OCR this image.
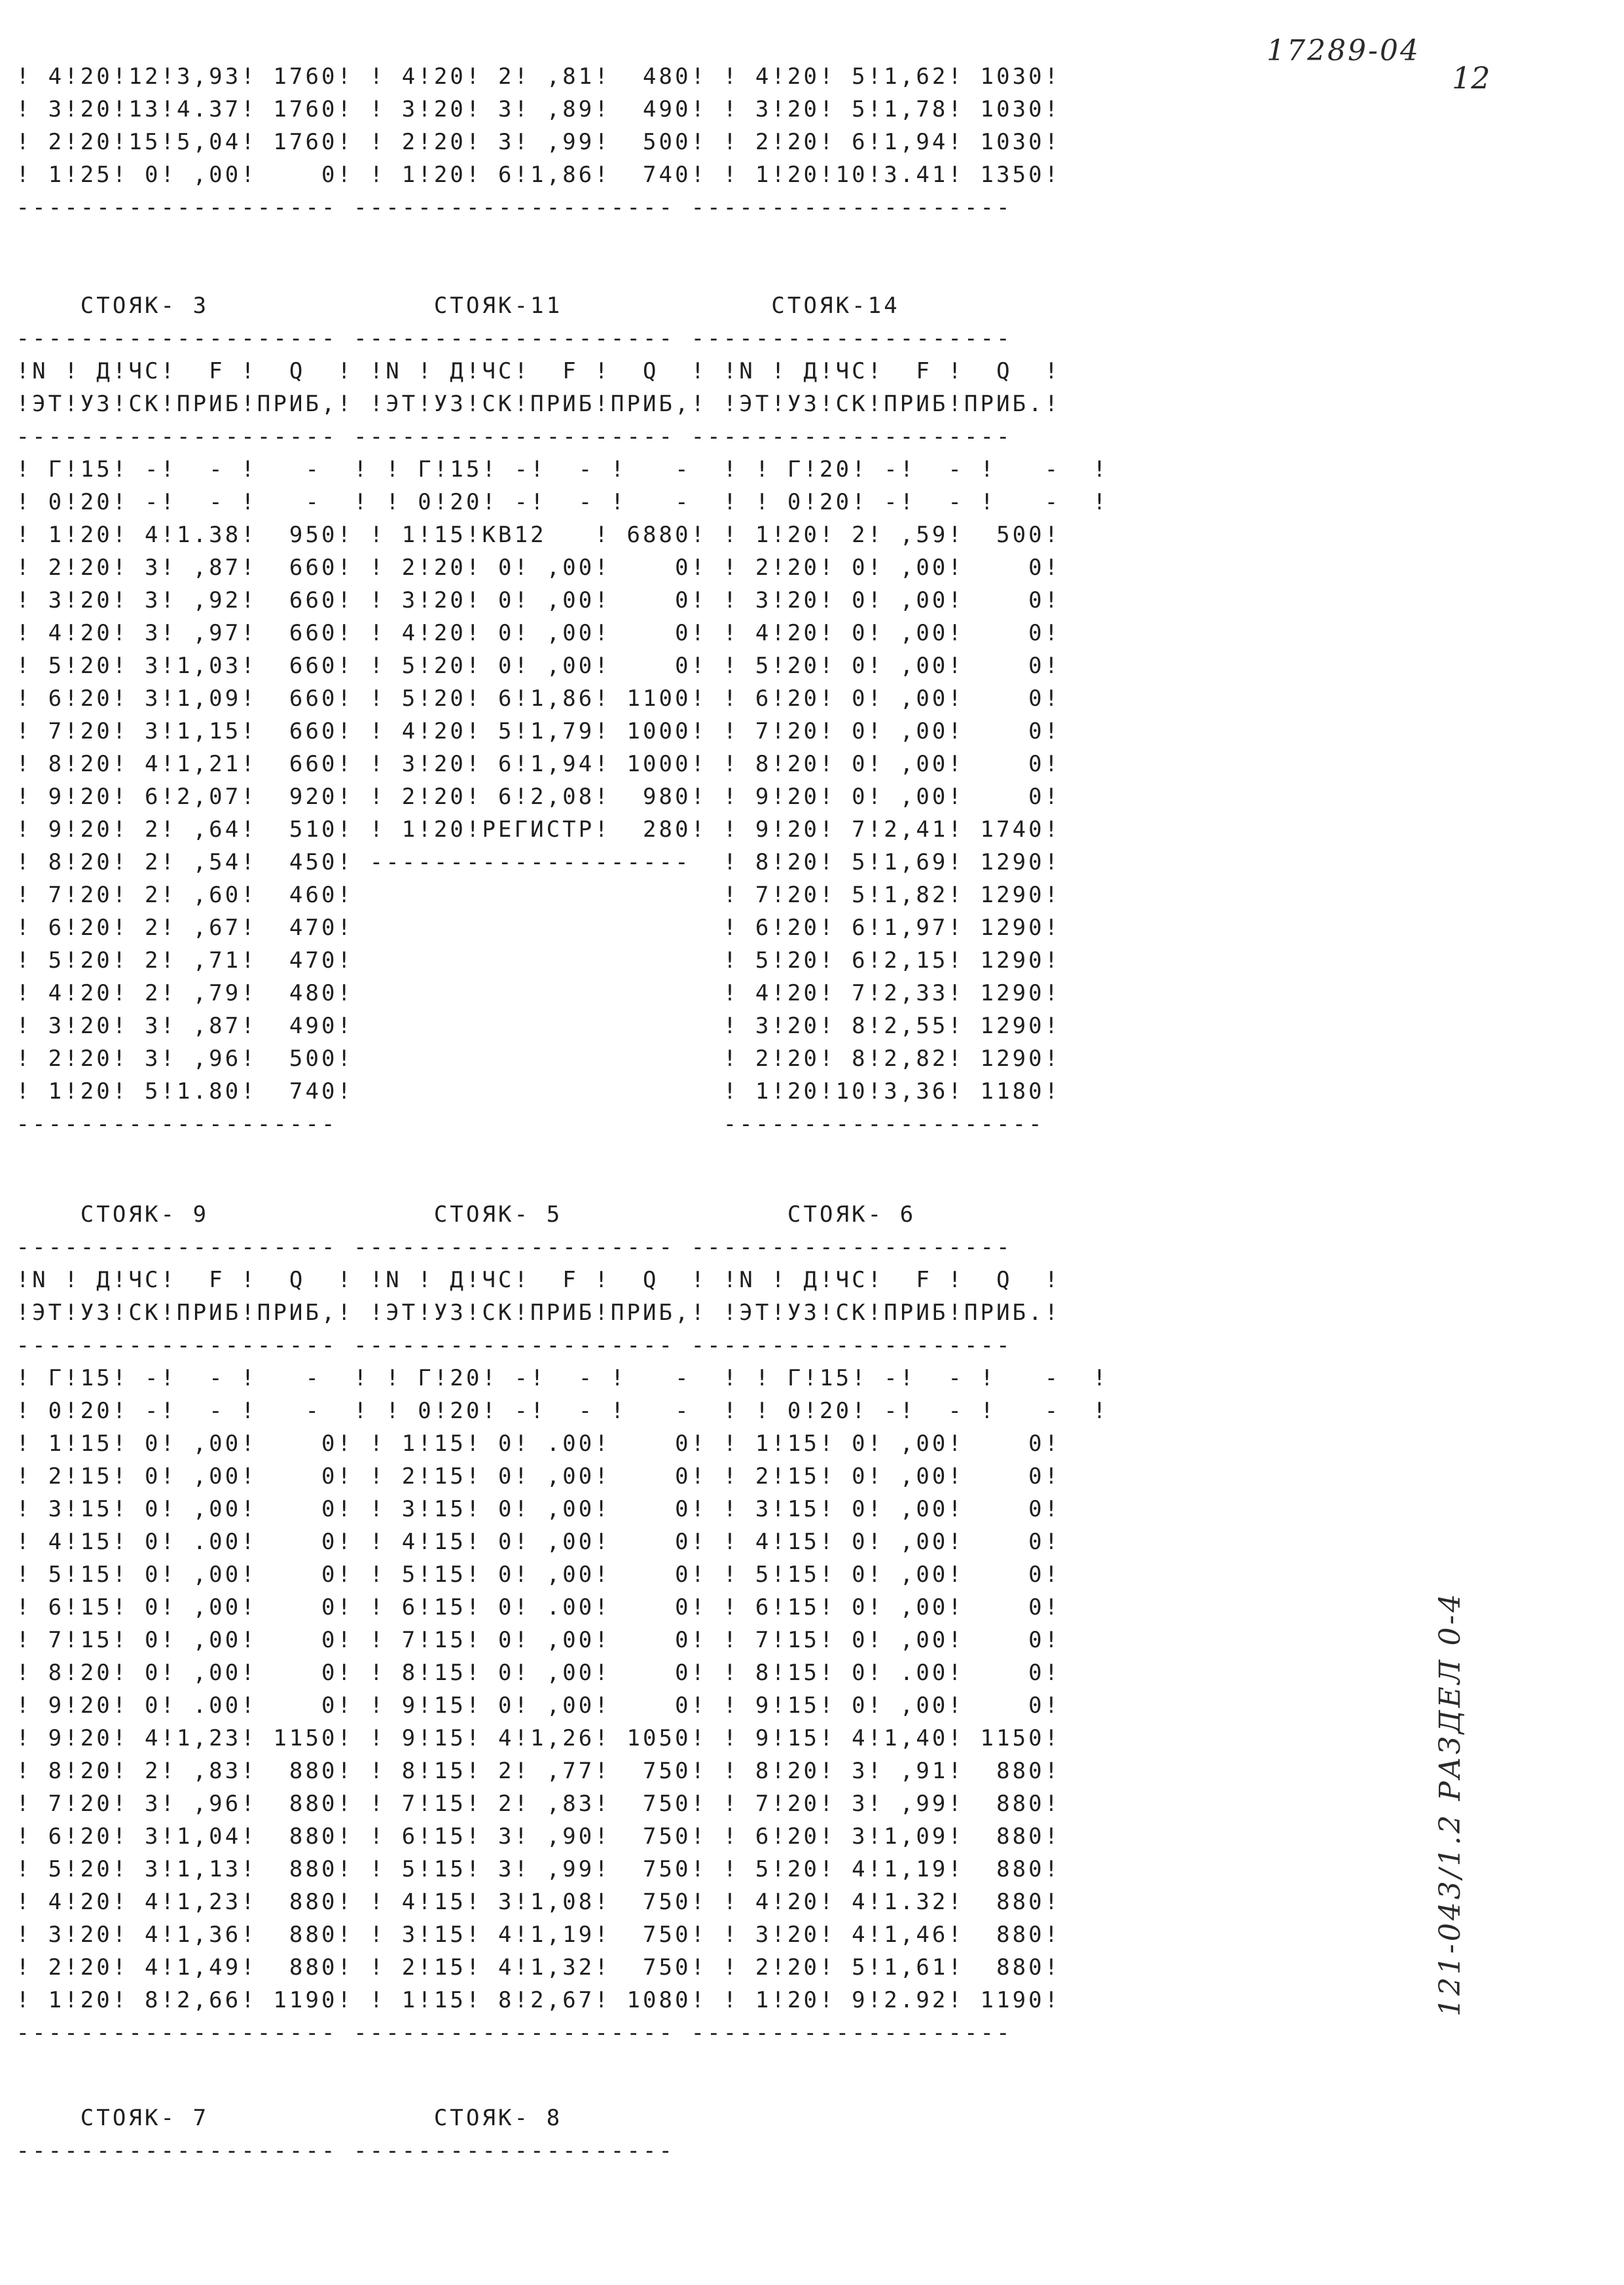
17289-04
12
121-043/1.2 РАЗДЕЛ 0-4
! 4!20!12!3,93! 1760! ! 4!20! 2! ,81!  480! ! 4!20! 5!1,62! 1030!
! 3!20!13!4.37! 1760! ! 3!20! 3! ,89!  490! ! 3!20! 5!1,78! 1030!
! 2!20!15!5,04! 1760! ! 2!20! 3! ,99!  500! ! 2!20! 6!1,94! 1030!
! 1!25! 0! ,00!    0! ! 1!20! 6!1,86!  740! ! 1!20!10!3.41! 1350!
-------------------- -------------------- --------------------
СТОЯК- 3              СТОЯК-11             СТОЯК-14
-------------------- -------------------- --------------------
!N ! Д!ЧС!  F !  Q  ! !N ! Д!ЧС!  F !  Q  ! !N ! Д!ЧС!  F !  Q  !
!ЭТ!УЗ!СК!ПРИБ!ПРИБ,! !ЭТ!УЗ!СК!ПРИБ!ПРИБ,! !ЭТ!УЗ!СК!ПРИБ!ПРИБ.!
-------------------- -------------------- --------------------
! Г!15! -!  - !   -  ! ! Г!15! -!  - !   -  ! ! Г!20! -!  - !   -  !
! 0!20! -!  - !   -  ! ! 0!20! -!  - !   -  ! ! 0!20! -!  - !   -  !
! 1!20! 4!1.38!  950! ! 1!15!КВ12   ! 6880! ! 1!20! 2! ,59!  500!
! 2!20! 3! ,87!  660! ! 2!20! 0! ,00!    0! ! 2!20! 0! ,00!    0!
! 3!20! 3! ,92!  660! ! 3!20! 0! ,00!    0! ! 3!20! 0! ,00!    0!
! 4!20! 3! ,97!  660! ! 4!20! 0! ,00!    0! ! 4!20! 0! ,00!    0!
! 5!20! 3!1,03!  660! ! 5!20! 0! ,00!    0! ! 5!20! 0! ,00!    0!
! 6!20! 3!1,09!  660! ! 5!20! 6!1,86! 1100! ! 6!20! 0! ,00!    0!
! 7!20! 3!1,15!  660! ! 4!20! 5!1,79! 1000! ! 7!20! 0! ,00!    0!
! 8!20! 4!1,21!  660! ! 3!20! 6!1,94! 1000! ! 8!20! 0! ,00!    0!
! 9!20! 6!2,07!  920! ! 2!20! 6!2,08!  980! ! 9!20! 0! ,00!    0!
! 9!20! 2! ,64!  510! ! 1!20!РЕГИСТР!  280! ! 9!20! 7!2,41! 1740!
! 8!20! 2! ,54!  450! --------------------  ! 8!20! 5!1,69! 1290!
! 7!20! 2! ,60!  460!                       ! 7!20! 5!1,82! 1290!
! 6!20! 2! ,67!  470!                       ! 6!20! 6!1,97! 1290!
! 5!20! 2! ,71!  470!                       ! 5!20! 6!2,15! 1290!
! 4!20! 2! ,79!  480!                       ! 4!20! 7!2,33! 1290!
! 3!20! 3! ,87!  490!                       ! 3!20! 8!2,55! 1290!
! 2!20! 3! ,96!  500!                       ! 2!20! 8!2,82! 1290!
! 1!20! 5!1.80!  740!                       ! 1!20!10!3,36! 1180!
--------------------                        --------------------
СТОЯК- 9              СТОЯК- 5              СТОЯК- 6
-------------------- -------------------- --------------------
!N ! Д!ЧС!  F !  Q  ! !N ! Д!ЧС!  F !  Q  ! !N ! Д!ЧС!  F !  Q  !
!ЭТ!УЗ!СК!ПРИБ!ПРИБ,! !ЭТ!УЗ!СК!ПРИБ!ПРИБ,! !ЭТ!УЗ!СК!ПРИБ!ПРИБ.!
-------------------- -------------------- --------------------
! Г!15! -!  - !   -  ! ! Г!20! -!  - !   -  ! ! Г!15! -!  - !   -  !
! 0!20! -!  - !   -  ! ! 0!20! -!  - !   -  ! ! 0!20! -!  - !   -  !
! 1!15! 0! ,00!    0! ! 1!15! 0! .00!    0! ! 1!15! 0! ,00!    0!
! 2!15! 0! ,00!    0! ! 2!15! 0! ,00!    0! ! 2!15! 0! ,00!    0!
! 3!15! 0! ,00!    0! ! 3!15! 0! ,00!    0! ! 3!15! 0! ,00!    0!
! 4!15! 0! .00!    0! ! 4!15! 0! ,00!    0! ! 4!15! 0! ,00!    0!
! 5!15! 0! ,00!    0! ! 5!15! 0! ,00!    0! ! 5!15! 0! ,00!    0!
! 6!15! 0! ,00!    0! ! 6!15! 0! .00!    0! ! 6!15! 0! ,00!    0!
! 7!15! 0! ,00!    0! ! 7!15! 0! ,00!    0! ! 7!15! 0! ,00!    0!
! 8!20! 0! ,00!    0! ! 8!15! 0! ,00!    0! ! 8!15! 0! .00!    0!
! 9!20! 0! .00!    0! ! 9!15! 0! ,00!    0! ! 9!15! 0! ,00!    0!
! 9!20! 4!1,23! 1150! ! 9!15! 4!1,26! 1050! ! 9!15! 4!1,40! 1150!
! 8!20! 2! ,83!  880! ! 8!15! 2! ,77!  750! ! 8!20! 3! ,91!  880!
! 7!20! 3! ,96!  880! ! 7!15! 2! ,83!  750! ! 7!20! 3! ,99!  880!
! 6!20! 3!1,04!  880! ! 6!15! 3! ,90!  750! ! 6!20! 3!1,09!  880!
! 5!20! 3!1,13!  880! ! 5!15! 3! ,99!  750! ! 5!20! 4!1,19!  880!
! 4!20! 4!1,23!  880! ! 4!15! 3!1,08!  750! ! 4!20! 4!1.32!  880!
! 3!20! 4!1,36!  880! ! 3!15! 4!1,19!  750! ! 3!20! 4!1,46!  880!
! 2!20! 4!1,49!  880! ! 2!15! 4!1,32!  750! ! 2!20! 5!1,61!  880!
! 1!20! 8!2,66! 1190! ! 1!15! 8!2,67! 1080! ! 1!20! 9!2.92! 1190!
-------------------- -------------------- --------------------
СТОЯК- 7              СТОЯК- 8
-------------------- --------------------
